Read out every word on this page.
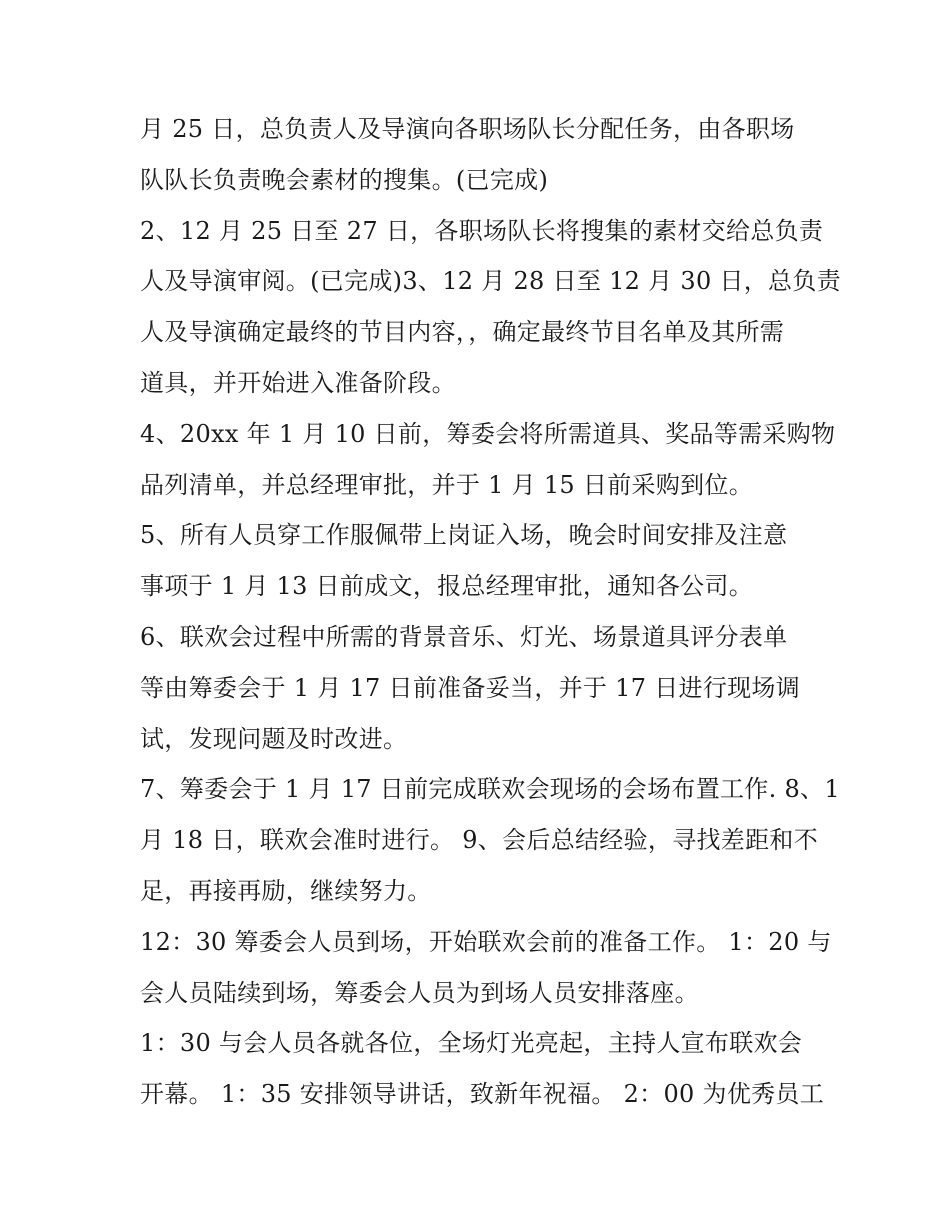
月 25 日，总负责人及导演向各职场队长分配任务，由各职场
队队长负责晚会素材的搜集。(已完成)
2、12 月 25 日至 27 日，各职场队长将搜集的素材交给总负责
人及导演审阅。(已完成)3、12 月 28 日至 12 月 30 日，总负责
人及导演确定最终的节目内容，，确定最终节目名单及其所需
道具，并开始进入准备阶段。
4、20xx 年 1 月 10 日前，筹委会将所需道具、奖品等需采购物
品列清单，并总经理审批，并于 1 月 15 日前采购到位。
5、所有人员穿工作服佩带上岗证入场，晚会时间安排及注意
事项于 1 月 13 日前成文，报总经理审批，通知各公司。
6、联欢会过程中所需的背景音乐、灯光、场景道具评分表单
等由筹委会于 1 月 17 日前准备妥当，并于 17 日进行现场调
试，发现问题及时改进。
7、筹委会于 1 月 17 日前完成联欢会现场的会场布置工作. 8、1
月 18 日，联欢会准时进行。 9、会后总结经验，寻找差距和不
足，再接再励，继续努力。
12：30 筹委会人员到场，开始联欢会前的准备工作。 1：20 与
会人员陆续到场，筹委会人员为到场人员安排落座。
1：30 与会人员各就各位，全场灯光亮起，主持人宣布联欢会
开幕。 1：35 安排领导讲话，致新年祝福。 2：00 为优秀员工
